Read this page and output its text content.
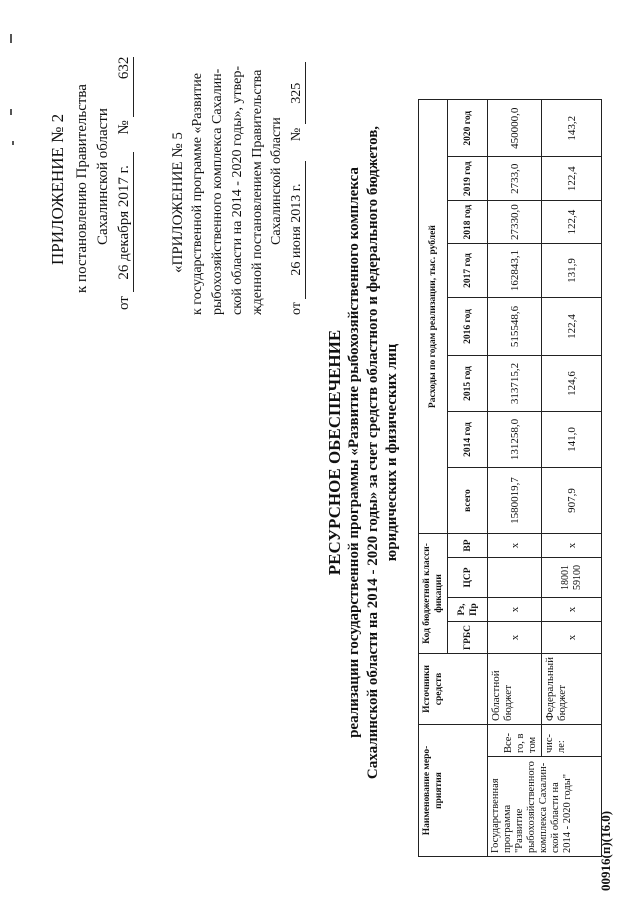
ПРИЛОЖЕНИЕ № 2 к постановлению Правительства Сахалинской области
от 26 декабря 2017 г. № 632
«ПРИЛОЖЕНИЕ № 5 к государственной программе «Развитие рыбохозяйственного комплекса Сахалин- ской области на 2014 - 2020 годы», утвер- жденной постановлением Правительства Сахалинской области
от 26 июня 2013 г. № 325
РЕСУРСНОЕ ОБЕСПЕЧЕНИЕ реализации государственной программы «Развитие рыбохозяйственного комплекса Сахалинской области на 2014 - 2020 годы» за счет средств областного и федерального бюджетов, юридических и физических лиц
Наименование меро-приятия		Источники средств	Код бюджетной класси-фикации				Расходы по годам реализации, тыс. рублей							
			ГРБС	Рз, Пр	ЦСР	ВР	всего	2014 год	2015 год	2016 год	2017 год	2018 год	2019 год	2020 год
Государственная программа "Развитие рыбохозяйственного комплекса Сахалин-ской области на 2014 - 2020 годы"	Все-го, в том	Областной бюджет	х	х		х	1580019,7	131258,0	313715,2	515548,6	162843,1	27330,0	2733,0	450000,0
	чис-ле:	Федеральный бюджет	х	х	18001 59100	х	907,9	141,0	124,6	122,4	131,9	122,4	122,4	143,2
00916(п)(16.0)
